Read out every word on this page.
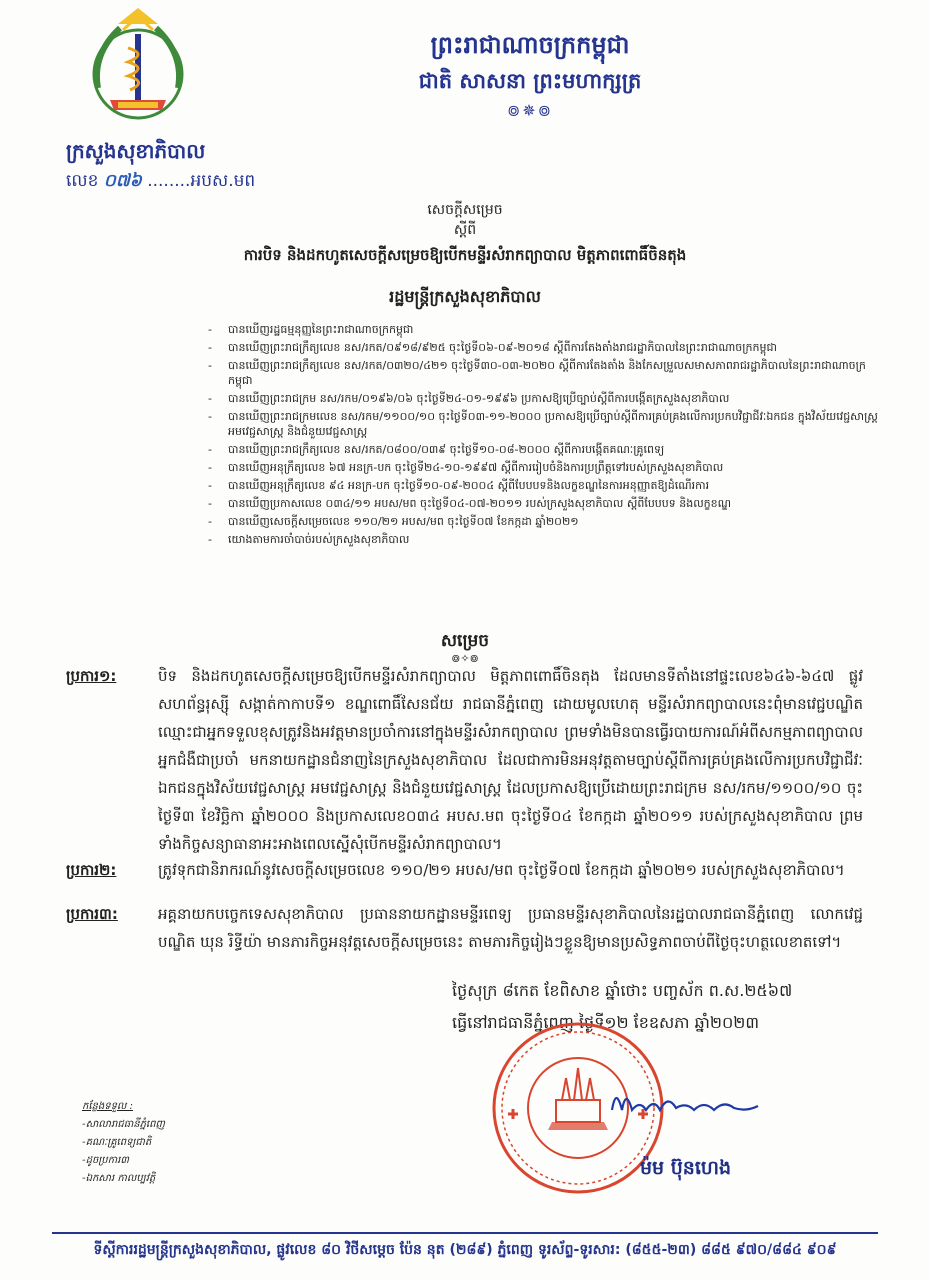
ព្រះរាជាណាចក្រកម្ពុជា
ជាតិ សាសនា ព្រះមហាក្សត្រ
៙✵៙
ក្រសួងសុខាភិបាល
លេខ ០៧៦ ........អបស.មព
សេចក្ដីសម្រេច
ស្ដីពី
ការបិទ និងដកហូតសេចក្ដីសម្រេចឱ្យបើកមន្ទីរសំរាកព្យាបាល មិត្តភាពពោធិ៍ចិនតុង
រដ្ឋមន្ត្រីក្រសួងសុខាភិបាល
- បានឃើញរដ្ឋធម្មនុញ្ញនៃព្រះរាជាណាចក្រកម្ពុជា
- បានឃើញព្រះរាជក្រឹត្យលេខ នស/រកត/០៩១៨/៩២៥ ចុះថ្ងៃទី០៦-០៩-២០១៨ ស្ដីពីការតែងតាំងរាជរដ្ឋាភិបាលនៃព្រះរាជាណាចក្រកម្ពុជា
- បានឃើញព្រះរាជក្រឹត្យលេខ នស/រកត/០៣២០/៤២១ ចុះថ្ងៃទី៣០-០៣-២០២០ ស្ដីពីការតែងតាំង និងកែសម្រួលសមាសភាពរាជរដ្ឋាភិបាលនៃព្រះរាជាណាចក្រកម្ពុជា
- បានឃើញព្រះរាជក្រម នស/រកម/០១៩៦/០៦ ចុះថ្ងៃទី២៤-០១-១៩៩៦ ប្រកាសឱ្យប្រើច្បាប់ស្ដីពីការបង្កើតក្រសួងសុខាភិបាល
- បានឃើញព្រះរាជក្រមលេខ នស/រកម/១១០០/១០ ចុះថ្ងៃទី០៣-១១-២០០០ ប្រកាសឱ្យប្រើច្បាប់ស្ដីពីការគ្រប់គ្រងលើការប្រកបវិជ្ជាជីវៈឯកជន ក្នុងវិស័យវេជ្ជសាស្ត្រ អមវេជ្ជសាស្ត្រ និងជំនួយវេជ្ជសាស្ត្រ
- បានឃើញព្រះរាជក្រឹត្យលេខ នស/រកត/០៨០០/០៣៩ ចុះថ្ងៃទី១០-០៨-២០០០ ស្ដីពីការបង្កើតគណៈគ្រូពេទ្យ
- បានឃើញអនុក្រឹត្យលេខ ៦៧ អនក្រ-បក ចុះថ្ងៃទី២៤-១០-១៩៩៧ ស្ដីពីការរៀបចំនិងការប្រព្រឹត្តទៅរបស់ក្រសួងសុខាភិបាល
- បានឃើញអនុក្រឹត្យលេខ ៩៤ អនក្រ-បក ចុះថ្ងៃទី១០-០៩-២០០៤ ស្ដីពីបែបបទនិងលក្ខខណ្ឌនៃការអនុញ្ញាតឱ្យដំណើរការ
- បានឃើញប្រកាសលេខ ០៣៤/១១ អបស/មព ចុះថ្ងៃទី០៤-០៧-២០១១ របស់ក្រសួងសុខាភិបាល ស្ដីពីបែបបទ និងលក្ខខណ្ឌ
- បានឃើញសេចក្ដីសម្រេចលេខ ១១០/២១ អបស/មព ចុះថ្ងៃទី០៧ ខែកក្កដា ឆ្នាំ២០២១
- យោងតាមការចាំបាច់របស់ក្រសួងសុខាភិបាល
សម្រេច
៙✧៙
ប្រការ១:	បិទ និងដកហូតសេចក្ដីសម្រេចឱ្យបើកមន្ទីរសំរាកព្យាបាល មិត្តភាពពោធិ៍ចិនតុង ដែលមានទីតាំងនៅផ្ទះលេខ៦៤៦-៦៤៧ ផ្លូវសហព័ន្ធរុស្ស៊ី សង្កាត់កាកាបទី១ ខណ្ឌពោធិ៍សែនជ័យ រាជធានីភ្នំពេញ ដោយមូលហេតុ មន្ទីរសំរាកព្យាបាលនេះពុំមានវេជ្ជបណ្ឌិតឈ្មោះជាអ្នកទទួលខុសត្រូវនិងអវត្តមានប្រចាំការនៅក្នុងមន្ទីរសំរាកព្យាបាល ព្រមទាំងមិនបានធ្វើរបាយការណ៍អំពីសកម្មភាពព្យាបាលអ្នកជំងឺជាប្រចាំ មកនាយកដ្ឋានជំនាញនៃក្រសួងសុខាភិបាល ដែលជាការមិនអនុវត្តតាមច្បាប់ស្ដីពីការគ្រប់គ្រងលើការប្រកបវិជ្ជាជីវៈឯកជនក្នុងវិស័យវេជ្ជសាស្ត្រ អមវេជ្ជសាស្ត្រ និងជំនួយវេជ្ជសាស្ត្រ ដែលប្រកាសឱ្យប្រើដោយព្រះរាជក្រម នស/រកម/១១០០/១០ ចុះថ្ងៃទី៣ ខែវិច្ឆិកា ឆ្នាំ២០០០ និងប្រកាសលេខ០៣៤ អបស.មព ចុះថ្ងៃទី០៤ ខែកក្កដា ឆ្នាំ២០១១ របស់ក្រសួងសុខាភិបាល ព្រមទាំងកិច្ចសន្យាធានាអះអាងពេលស្នើសុំបើកមន្ទីរសំរាកព្យាបាល។
ប្រការ២:	ត្រូវទុកជានិរាករណ៍នូវសេចក្ដីសម្រេចលេខ ១១០/២១ អបស/មព ចុះថ្ងៃទី០៧ ខែកក្កដា ឆ្នាំ២០២១ របស់ក្រសួងសុខាភិបាល។
ប្រការ៣:	អគ្គនាយកបច្ចេកទេសសុខាភិបាល ប្រធាននាយកដ្ឋានមន្ទីរពេទ្យ ប្រធានមន្ទីរសុខាភិបាលនៃរដ្ឋបាលរាជធានីភ្នំពេញ លោកវេជ្ជបណ្ឌិត ឃុន រិទ្ធីយ៉ា មានភារកិច្ចអនុវត្តសេចក្ដីសម្រេចនេះ តាមភារកិច្ចរៀងៗខ្លួនឱ្យមានប្រសិទ្ធភាពចាប់ពីថ្ងៃចុះហត្ថលេខាតទៅ។
ថ្ងៃសុក្រ ៨កេត ខែពិសាខ ឆ្នាំថោះ បញ្ចស័ក ព.ស.២៥៦៧
ធ្វើនៅរាជធានីភ្នំពេញ ថ្ងៃទី១២ ខែឧសភា ឆ្នាំ២០២៣
ម៉ម ប៊ុនហេង
កន្លែងទទួល :
-សាលារាជធានីភ្នំពេញ
-គណៈគ្រូពេទ្យជាតិ
-ដូចប្រការ៣
-ឯកសារ កាលប្បវត្តិ
ទីស្ដីការរដ្ឋមន្ត្រីក្រសួងសុខាភិបាល, ផ្លូវលេខ ៨០ វិថីសម្ដេច ប៉ែន នុត (២៨៩) ភ្នំពេញ ទូរស័ព្ទ-ទូរសារ: (៨៥៥-២៣) ៨៨៥ ៩៧០/៨៨៤ ៩០៩
